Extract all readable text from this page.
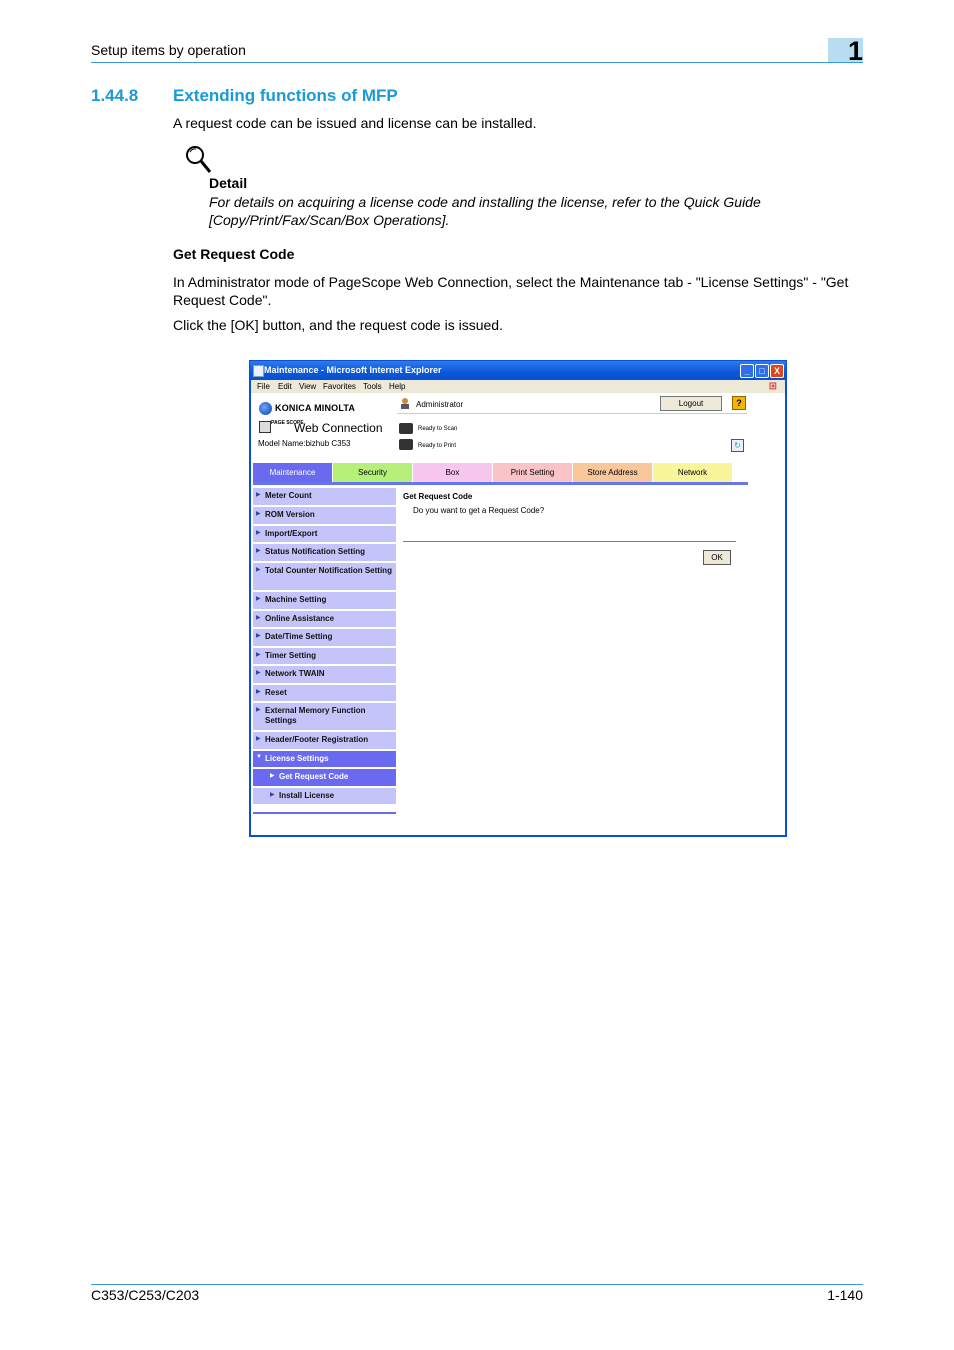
Setup items by operation	1
1.44.8 Extending functions of MFP
A request code can be issued and license can be installed.
Detail
For details on acquiring a license code and installing the license, refer to the Quick Guide [Copy/Print/Fax/Scan/Box Operations].
Get Request Code
In Administrator mode of PageScope Web Connection, select the Maintenance tab - "License Settings" - "Get Request Code".
Click the [OK] button, and the request code is issued.
Maintenance - Microsoft Internet Explorer	_	□	X
File Edit View Favorites Tools Help	⊞
KONICA MINOLTA
PAGE SCOPE
Web Connection
Model Name:bizhub C353
Administrator	Logout	?
Ready to Scan
Ready to Print	↻
Maintenance	Security	Box	Print Setting	Store Address	Network
▶ Meter Count
▶ ROM Version
▶ Import/Export
▶ Status Notification Setting
▶ Total Counter Notification Setting
▶ Machine Setting
▶ Online Assistance
▶ Date/Time Setting
▶ Timer Setting
▶ Network TWAIN
▶ Reset
▶ External Memory Function Settings
▶ Header/Footer Registration
▼ License Settings
▶ Get Request Code
▶ Install License
Get Request Code
Do you want to get a Request Code?
OK
C353/C253/C203	1-140
